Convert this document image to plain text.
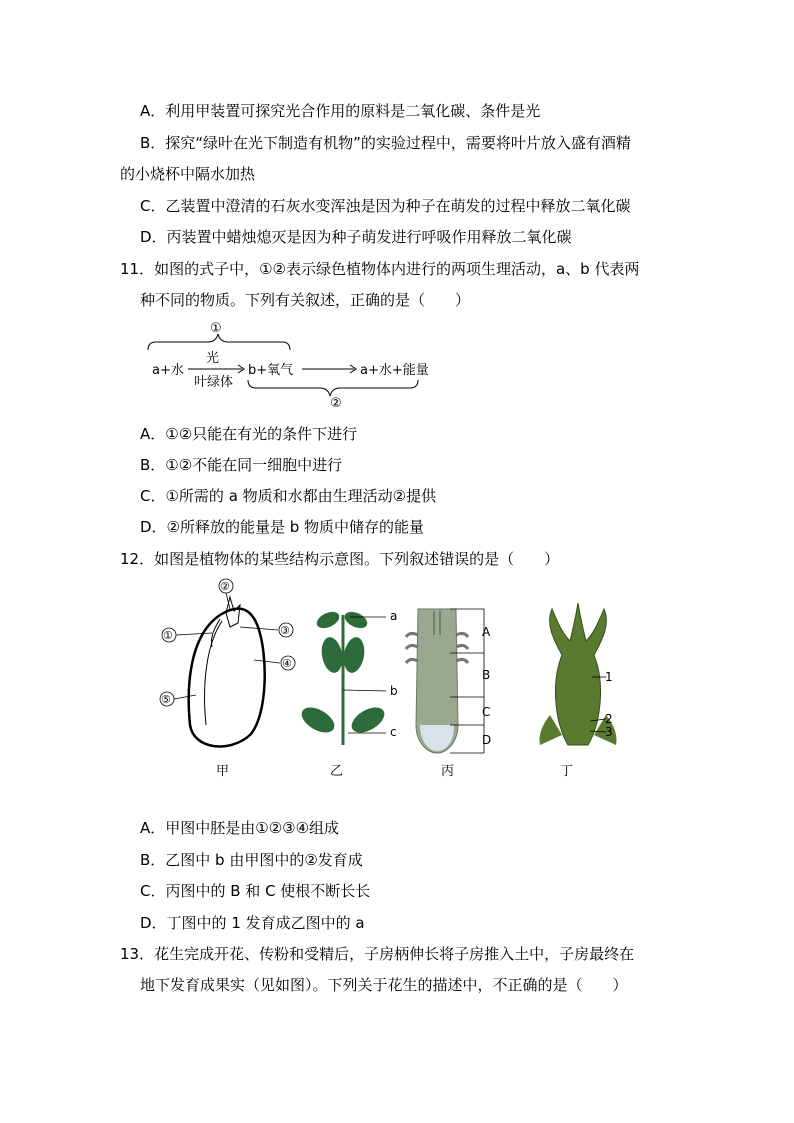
A．利用甲装置可探究光合作用的原料是二氧化碳、条件是光
B．探究“绿叶在光下制造有机物”的实验过程中，需要将叶片放入盛有酒精
的小烧杯中隔水加热
C．乙装置中澄清的石灰水变浑浊是因为种子在萌发的过程中释放二氧化碳
D．丙装置中蜡烛熄灭是因为种子萌发进行呼吸作用释放二氧化碳
11．如图的式子中，①②表示绿色植物体内进行的两项生理活动，a、b 代表两
种不同的物质。下列有关叙述，正确的是（　　）
①
a+水
光
叶绿体
b+氧气	a+水+能量
②
A．①②只能在有光的条件下进行
B．①②不能在同一细胞中进行
C．①所需的 a 物质和水都由生理活动②提供
D．②所释放的能量是 b 物质中储存的能量
12．如图是植物体的某些结构示意图。下列叙述错误的是（　　）
①
②
③
④
⑤
a
b
c
A
B
C
D
1
2
3
甲	乙	丙	丁
A．甲图中胚是由①②③④组成
B．乙图中 b 由甲图中的②发育成
C．丙图中的 B 和 C 使根不断长长
D．丁图中的 1 发育成乙图中的 a
13．花生完成开花、传粉和受精后，子房柄伸长将子房推入土中，子房最终在
地下发育成果实（见如图）。下列关于花生的描述中，不正确的是（　　）
